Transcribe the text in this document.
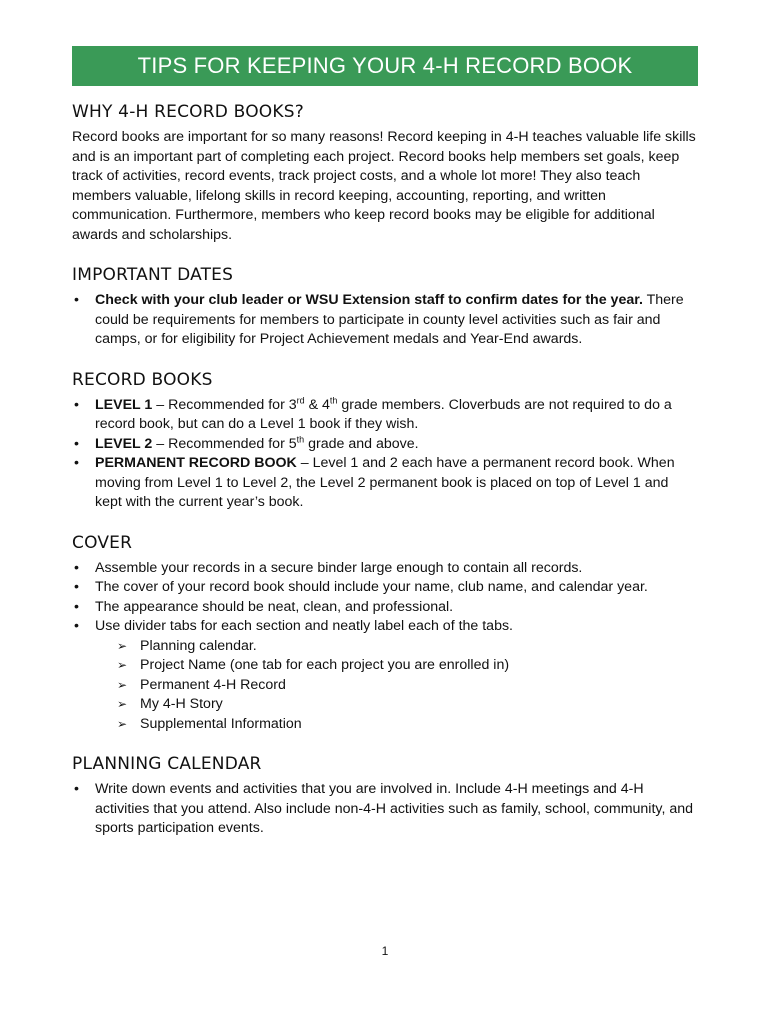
TIPS FOR KEEPING YOUR 4-H RECORD BOOK
WHY 4-H RECORD BOOKS?

Record books are important for so many reasons! Record keeping in 4-H teaches valuable life skills and is an important part of completing each project. Record books help members set goals, keep track of activities, record events, track project costs, and a whole lot more! They also teach members valuable, lifelong skills in record keeping, accounting, reporting, and written communication. Furthermore, members who keep record books may be eligible for additional awards and scholarships.

IMPORTANT DATES
• Check with your club leader or WSU Extension staff to confirm dates for the year. There could be requirements for members to participate in county level activities such as fair and camps, or for eligibility for Project Achievement medals and Year-End awards.
RECORD BOOKS
• LEVEL 1 – Recommended for 3rd & 4th grade members. Cloverbuds are not required to do a record book, but can do a Level 1 book if they wish.
• LEVEL 2 – Recommended for 5th grade and above.
• PERMANENT RECORD BOOK – Level 1 and 2 each have a permanent record book. When moving from Level 1 to Level 2, the Level 2 permanent book is placed on top of Level 1 and kept with the current year’s book.
COVER
• Assemble your records in a secure binder large enough to contain all records.
• The cover of your record book should include your name, club name, and calendar year.
• The appearance should be neat, clean, and professional.
• Use divider tabs for each section and neatly label each of the tabs.
➢ Planning calendar.
➢ Project Name (one tab for each project you are enrolled in)
➢ Permanent 4-H Record
➢ My 4-H Story
➢ Supplemental Information
PLANNING CALENDAR
• Write down events and activities that you are involved in. Include 4-H meetings and 4-H activities that you attend. Also include non-4-H activities such as family, school, community, and sports participation events.
1
